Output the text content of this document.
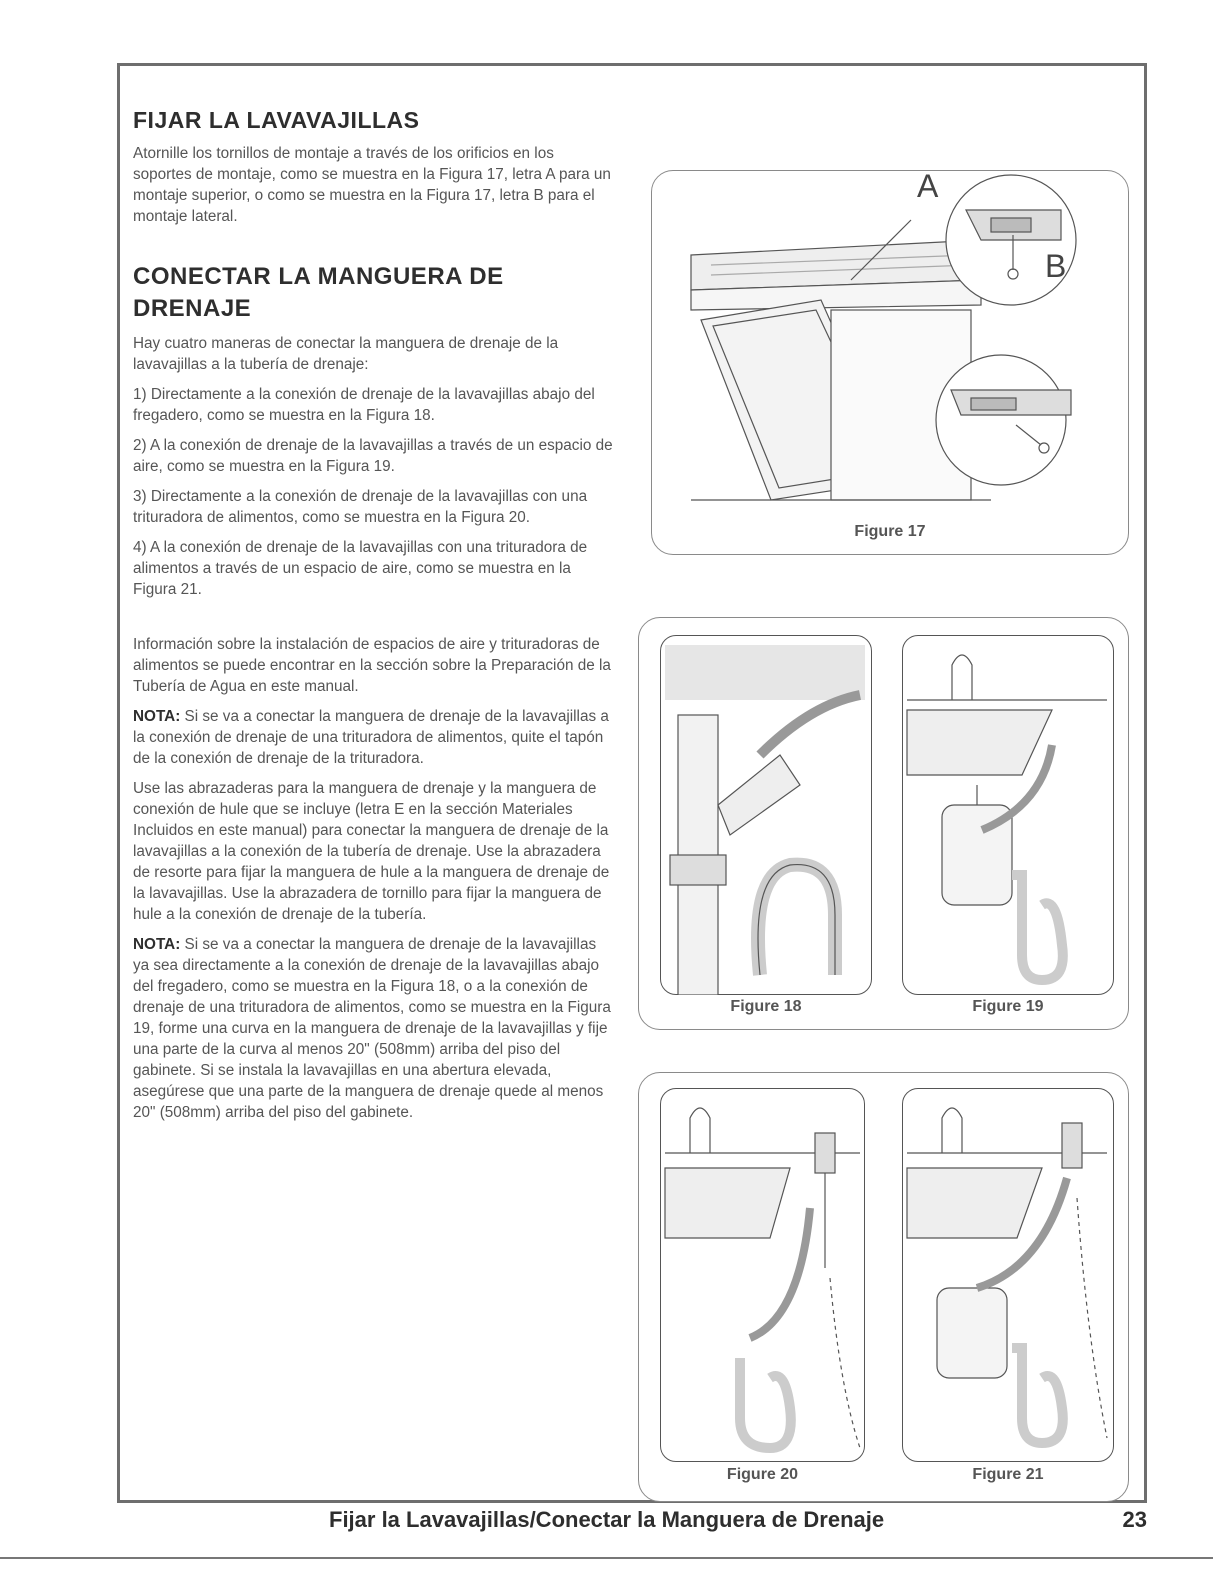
FIJAR LA LAVAVAJILLAS

Atornille los tornillos de montaje a través de los orificios en los soportes de montaje, como se muestra en la Figura 17, letra A para un montaje superior, o como se muestra en la Figura 17, letra B para el montaje lateral.

CONECTAR LA MANGUERA DE
DRENAJE

Hay cuatro maneras de conectar la manguera de drenaje de la lavavajillas a la tubería de drenaje:

1) Directamente a la conexión de drenaje de la lavavajillas abajo del fregadero, como se muestra en la Figura 18.

2) A la conexión de drenaje de la lavavajillas a través de un espacio de aire, como se muestra en la Figura 19.

3) Directamente a la conexión de drenaje de la lavavajillas con una trituradora de alimentos, como se muestra en la Figura 20.

4) A la conexión de drenaje de la lavavajillas con una trituradora de alimentos a través de un espacio de aire, como se muestra en la Figura 21.

Información sobre la instalación de espacios de aire y trituradoras de alimentos se puede encontrar en la sección sobre la Preparación de la Tubería de Agua en este manual.

NOTA: Si se va a conectar la manguera de drenaje de la lavavajillas a la conexión de drenaje de una trituradora de alimentos, quite el tapón de la conexión de drenaje de la trituradora.

Use las abrazaderas para la manguera de drenaje y la manguera de conexión de hule que se incluye (letra E en la sección Materiales Incluidos en este manual) para conectar la manguera de drenaje de la lavavajillas a la conexión de la tubería de drenaje. Use la abrazadera de resorte para fijar la manguera de hule a la manguera de drenaje de la lavavajillas. Use la abrazadera de tornillo para fijar la manguera de hule a la conexión de drenaje de la tubería.

NOTA: Si se va a conectar la manguera de drenaje de la lavavajillas ya sea directamente a la conexión de drenaje de la lavavajillas abajo del fregadero, como se muestra en la Figura 18, o a la conexión de drenaje de una trituradora de alimentos, como se muestra en la Figura 19, forme una curva en la manguera de drenaje de la lavavajillas y fije una parte de la curva al menos 20" (508mm) arriba del piso del gabinete. Si se instala la lavavajillas en una abertura elevada, asegúrese que una parte de la manguera de drenaje quede al menos 20" (508mm) arriba del piso del gabinete.

A
B
Figure 17
Figure 18	Figure 19
Figure 20	Figure 21
Fijar la Lavavajillas/Conectar la Manguera de Drenaje	23
